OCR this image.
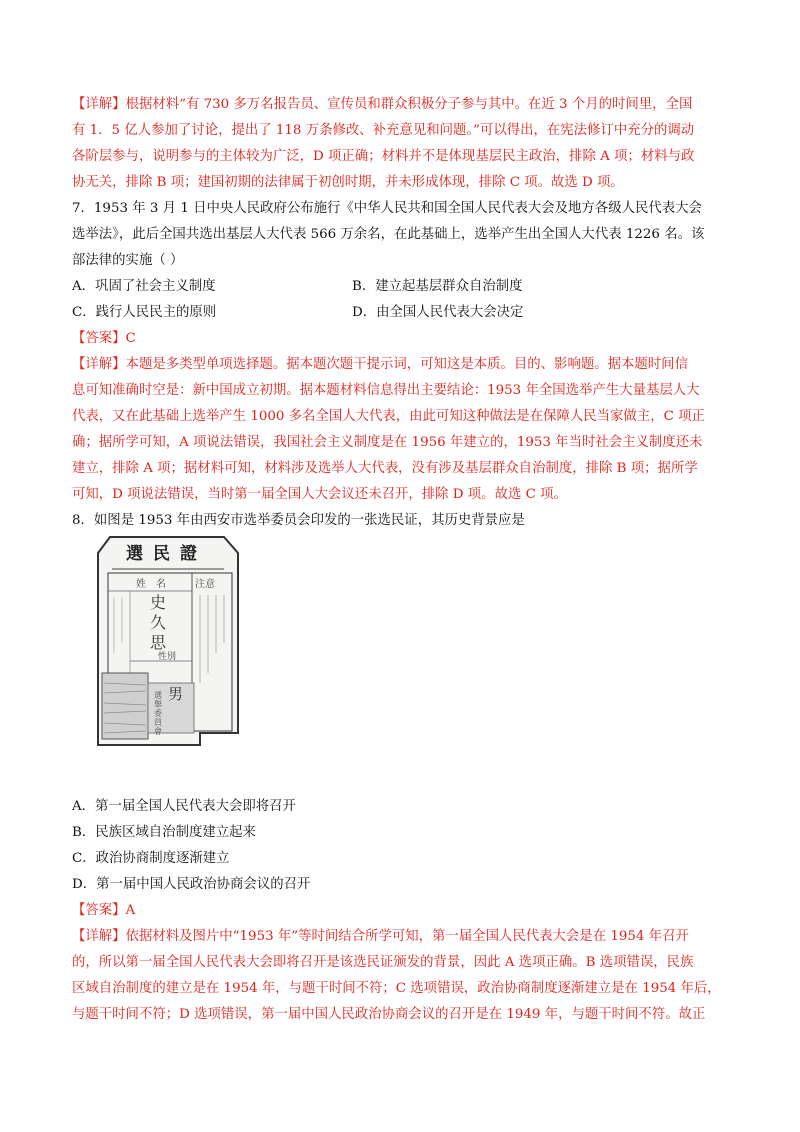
【详解】根据材料“有 730 多万名报告员、宣传员和群众积极分子参与其中。在近 3 个月的时间里，全国
有 1．5 亿人参加了讨论，提出了 118 万条修改、补充意见和问题。”可以得出，在宪法修订中充分的调动
各阶层参与，说明参与的主体较为广泛，D 项正确；材料并不是体现基层民主政治，排除 A 项；材料与政
协无关，排除 B 项；建国初期的法律属于初创时期，并未形成体现，排除 C 项。故选 D 项。
7．1953 年 3 月 1 日中央人民政府公布施行《中华人民共和国全国人民代表大会及地方各级人民代表大会
选举法》，此后全国共选出基层人大代表 566 万余名，在此基础上，选举产生出全国人大代表 1226 名。该
部法律的实施（ ）
A．巩固了社会主义制度	B．建立起基层群众自治制度
C．践行人民民主的原则	D．由全国人民代表大会决定
【答案】C
【详解】本题是多类型单项选择题。据本题次题干提示词，可知这是本质。目的、影响题。据本题时间信
息可知准确时空是：新中国成立初期。据本题材料信息得出主要结论：1953 年全国选举产生大量基层人大
代表，又在此基础上选举产生 1000 多名全国人大代表，由此可知这种做法是在保障人民当家做主，C 项正
确；据所学可知，A 项说法错误，我国社会主义制度是在 1956 年建立的，1953 年当时社会主义制度还未
建立，排除 A 项；据材料可知，材料涉及选举人大代表，没有涉及基层群众自治制度，排除 B 项；据所学
可知，D 项说法错误，当时第一届全国人大会议还未召开，排除 D 项。故选 C 项。
8．如图是 1953 年由西安市选举委员会印发的一张选民证，其历史背景应是
選民證
姓　名	注意
史久思
性別
男
選舉委員會
A．第一届全国人民代表大会即将召开
B．民族区域自治制度建立起来
C．政治协商制度逐渐建立
D．第一届中国人民政治协商会议的召开
【答案】A
【详解】依据材料及图片中“1953 年”等时间结合所学可知，第一届全国人民代表大会是在 1954 年召开
的，所以第一届全国人民代表大会即将召开是该选民证颁发的背景，因此 A 选项正确。B 选项错误，民族
区域自治制度的建立是在 1954 年，与题干时间不符；C 选项错误，政治协商制度逐渐建立是在 1954 年后，
与题干时间不符；D 选项错误，第一届中国人民政治协商会议的召开是在 1949 年，与题干时间不符。故正
